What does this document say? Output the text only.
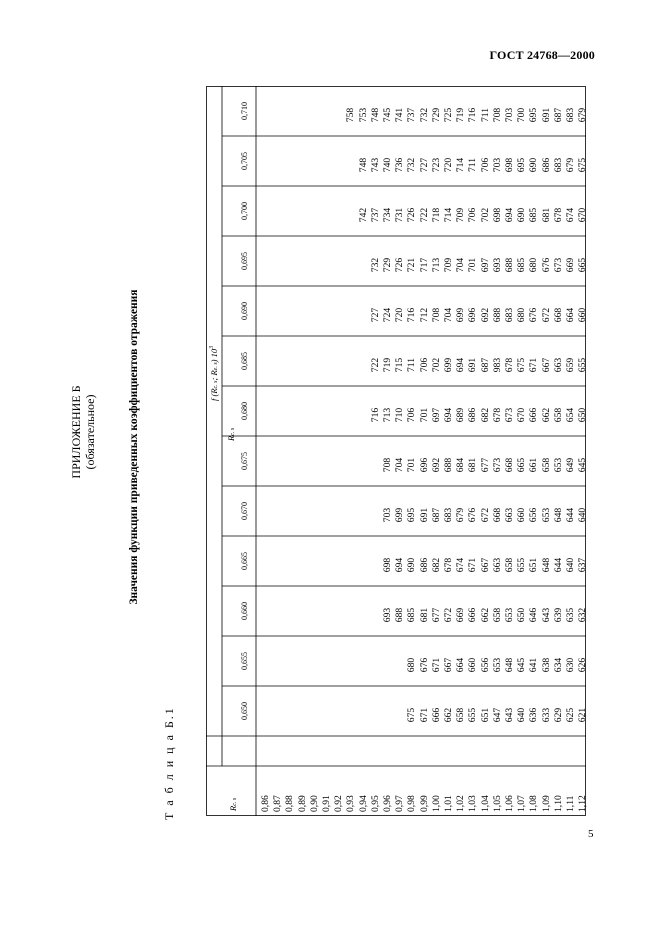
ГОСТ 24768—2000
ПРИЛОЖЕНИЕ Б (обязательное)	Значения функции приведенных коэффициентов отражения
Т а б л и ц а Б.1	Rc. s
f (Rc. s; Re. s) $10^3$
Rc. s
0,86 0,87 0,88 0,89 0,90 0,91 0,92 0,93 0,94 0,95 0,96 0,97 0,98 0,99 1,00 1,01 1,02 1,03 1,04 1,05 1,06 1,07 1,08 1,09 1,10 1,11 1,12
0,650
0,655
0,660
0,665
0,670
0,675
0,680
0,685
0,690
0,695
0,700
0,705
0,710
675 671 666 662 658 655 651 647 643 640 636 633 629 625 621
680 676 671 667 664 660 656 653 648 645 641 638 634 630 626
693 688 685 681 677 672 669 666 662 658 653 650 646 643 639 635 632
698 694 690 686 682 678 674 671 667 663 658 655 651 648 644 640 637
703 699 695 691 687 683 679 676 672 668 663 660 656 653 648 644 640
708 704 701 696 692 688 684 681 677 673 668 665 661 658 653 649 645
716 713 710 706 701 697 694 689 686 682 678 673 670 666 662 658 654 650
722 719 715 711 706 702 699 694 691 687 983 678 675 671 667 663 659 655
727 724 720 716 712 708 704 699 696 692 688 683 680 676 672 668 664 660
732 729 726 721 717 713 709 704 701 697 693 688 685 680 676 673 669 665
742 737 734 731 726 722 718 714 709 706 702 698 694 690 685 681 678 674 670
748 743 740 736 732 727 723 720 714 711 706 703 698 695 690 686 683 679 675
758 753 748 745 741 737 732 729 725 719 716 711 708 703 700 695 691 687 683 679
5
